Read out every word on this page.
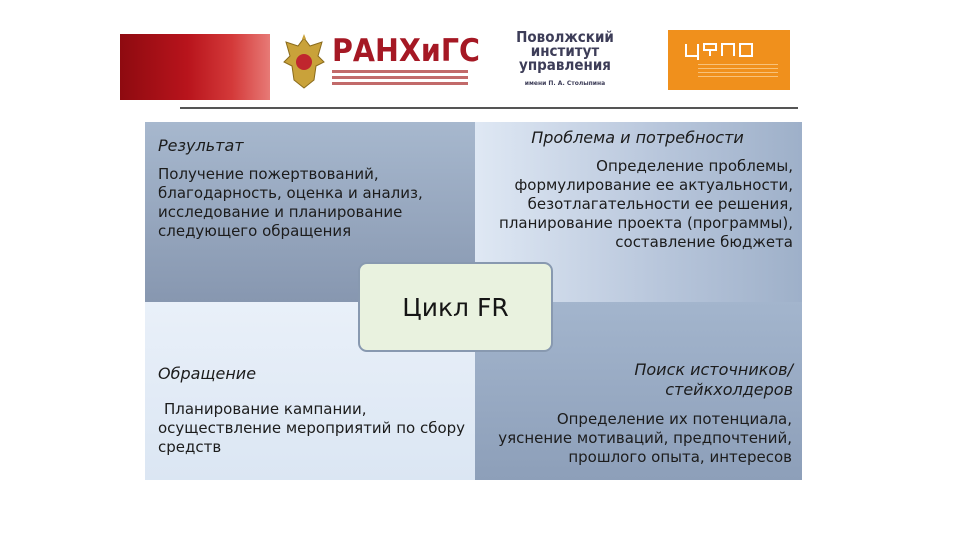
РАНХиГС	Поволжский институт управления
имени П. А. Столыпина
Результат
Получение пожертвований, благодарность, оценка и анализ, исследование и планирование следующего обращения
Проблема и потребности
Определение проблемы, формулирование ее актуальности, безотлагательности ее решения, планирование проекта (программы), составление бюджета
Обращение
Планирование кампании, осуществление мероприятий по сбору средств
Поиск источников/ стейкхолдеров
Определение их потенциала, уяснение мотиваций, предпочтений, прошлого опыта, интересов
Цикл FR
